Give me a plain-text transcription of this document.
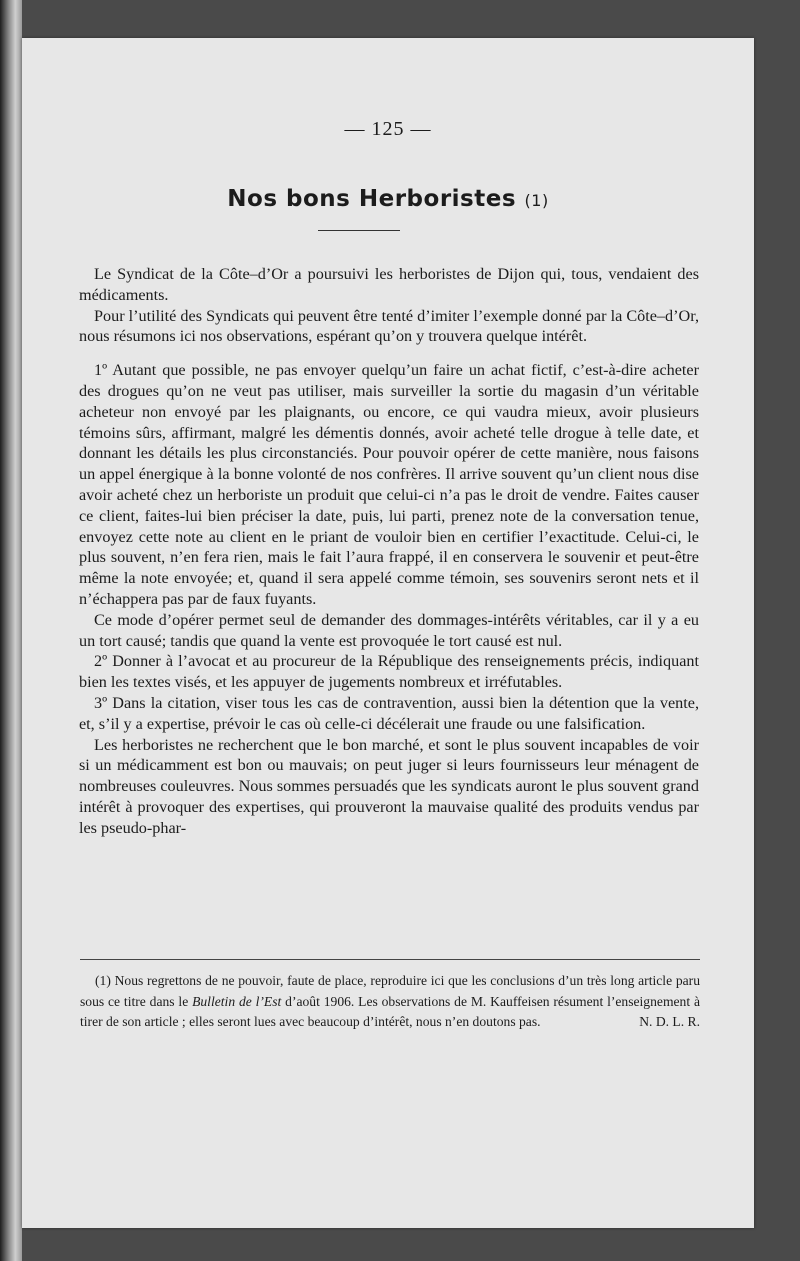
— 125 —
Nos bons Herboristes (1)

Le Syndicat de la Côte–d’Or a poursuivi les herboristes de Dijon qui, tous, vendaient des médicaments.

Pour l’utilité des Syndicats qui peuvent être tenté d’imiter l’exemple donné par la Côte–d’Or, nous résumons ici nos observations, espérant qu’on y trouvera quelque intérêt.

1º Autant que possible, ne pas envoyer quelqu’un faire un achat fictif, c’est-à-dire acheter des drogues qu’on ne veut pas utiliser, mais surveiller la sortie du magasin d’un véritable acheteur non envoyé par les plaignants, ou encore, ce qui vaudra mieux, avoir plusieurs témoins sûrs, affirmant, malgré les démentis donnés, avoir acheté telle drogue à telle date, et donnant les détails les plus circonstanciés. Pour pouvoir opérer de cette manière, nous faisons un appel énergique à la bonne volonté de nos confrères. Il arrive souvent qu’un client nous dise avoir acheté chez un herboriste un produit que celui-ci n’a pas le droit de vendre. Faites causer ce client, faites-lui bien préciser la date, puis, lui parti, prenez note de la conversation tenue, envoyez cette note au client en le priant de vouloir bien en certifier l’exactitude. Celui-ci, le plus souvent, n’en fera rien, mais le fait l’aura frappé, il en conservera le souvenir et peut-être même la note envoyée; et, quand il sera appelé comme témoin, ses souvenirs seront nets et il n’échappera pas par de faux fuyants.

Ce mode d’opérer permet seul de demander des dommages-intérêts véritables, car il y a eu un tort causé; tandis que quand la vente est provoquée le tort causé est nul.

2º Donner à l’avocat et au procureur de la République des renseignements précis, indiquant bien les textes visés, et les appuyer de jugements nombreux et irréfutables.

3º Dans la citation, viser tous les cas de contravention, aussi bien la détention que la vente, et, s’il y a expertise, prévoir le cas où celle-ci décélerait une fraude ou une falsification.

Les herboristes ne recherchent que le bon marché, et sont le plus souvent incapables de voir si un médicamment est bon ou mauvais; on peut juger si leurs fournisseurs leur ménagent de nombreuses couleuvres. Nous sommes persuadés que les syndicats auront le plus souvent grand intérêt à provoquer des expertises, qui prouveront la mauvaise qualité des produits vendus par les pseudo-phar-

(1) Nous regrettons de ne pouvoir, faute de place, reproduire ici que les conclusions d’un très long article paru sous ce titre dans le Bulletin de l’Est d’août 1906. Les observations de M. Kauffeisen résument l’enseignement à tirer de son article ; elles seront lues avec beaucoup d’intérêt, nous n’en doutons pas.	N. D. L. R.
